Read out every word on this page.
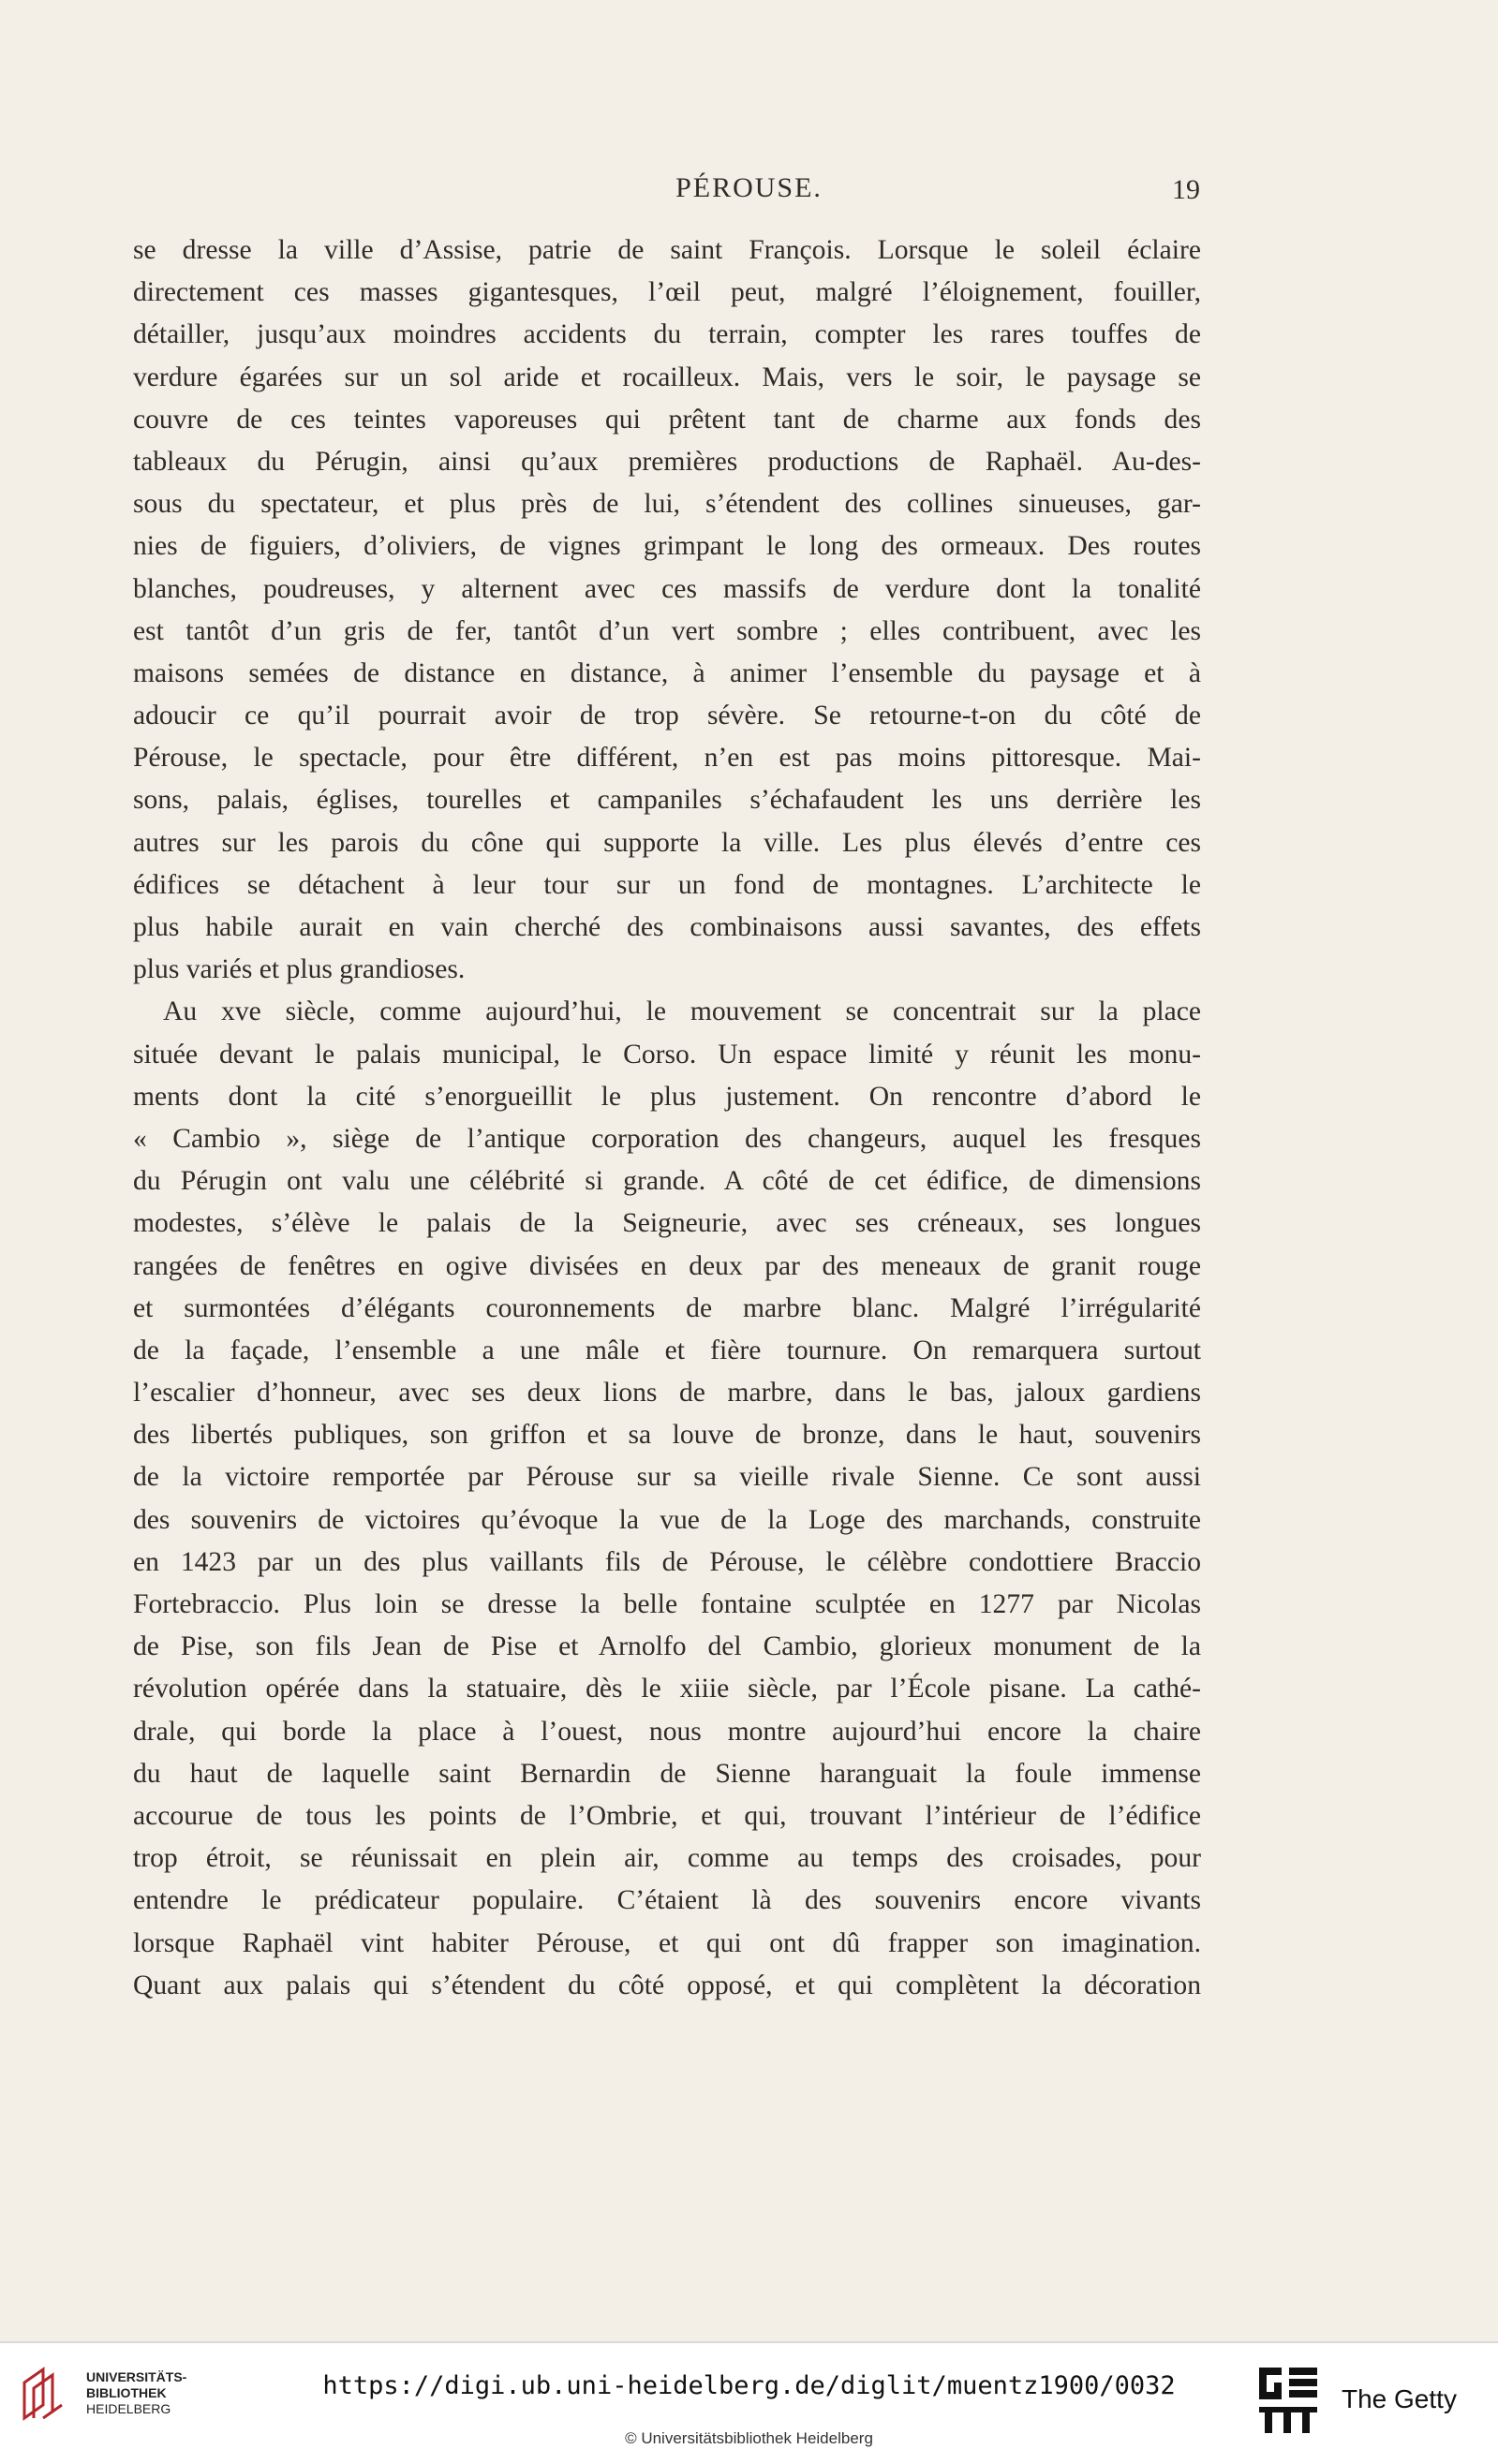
PÉROUSE.	19
se dresse la ville d’Assise, patrie de saint François. Lorsque le soleil éclaire
directement ces masses gigantesques, l’œil peut, malgré l’éloignement, fouiller,
détailler, jusqu’aux moindres accidents du terrain, compter les rares touffes de
verdure égarées sur un sol aride et rocailleux. Mais, vers le soir, le paysage se
couvre de ces teintes vaporeuses qui prêtent tant de charme aux fonds des
tableaux du Pérugin, ainsi qu’aux premières productions de Raphaël. Au-des-
sous du spectateur, et plus près de lui, s’étendent des collines sinueuses, gar-
nies de figuiers, d’oliviers, de vignes grimpant le long des ormeaux. Des routes
blanches, poudreuses, y alternent avec ces massifs de verdure dont la tonalité
est tantôt d’un gris de fer, tantôt d’un vert sombre ; elles contribuent, avec les
maisons semées de distance en distance, à animer l’ensemble du paysage et à
adoucir ce qu’il pourrait avoir de trop sévère. Se retourne-t-on du côté de
Pérouse, le spectacle, pour être différent, n’en est pas moins pittoresque. Mai-
sons, palais, églises, tourelles et campaniles s’échafaudent les uns derrière les
autres sur les parois du cône qui supporte la ville. Les plus élevés d’entre ces
édifices se détachent à leur tour sur un fond de montagnes. L’architecte le
plus habile aurait en vain cherché des combinaisons aussi savantes, des effets
plus variés et plus grandioses.
Au xve siècle, comme aujourd’hui, le mouvement se concentrait sur la place
située devant le palais municipal, le Corso. Un espace limité y réunit les monu-
ments dont la cité s’enorgueillit le plus justement. On rencontre d’abord le
« Cambio », siège de l’antique corporation des changeurs, auquel les fresques
du Pérugin ont valu une célébrité si grande. A côté de cet édifice, de dimensions
modestes, s’élève le palais de la Seigneurie, avec ses créneaux, ses longues
rangées de fenêtres en ogive divisées en deux par des meneaux de granit rouge
et surmontées d’élégants couronnements de marbre blanc. Malgré l’irrégularité
de la façade, l’ensemble a une mâle et fière tournure. On remarquera surtout
l’escalier d’honneur, avec ses deux lions de marbre, dans le bas, jaloux gardiens
des libertés publiques, son griffon et sa louve de bronze, dans le haut, souvenirs
de la victoire remportée par Pérouse sur sa vieille rivale Sienne. Ce sont aussi
des souvenirs de victoires qu’évoque la vue de la Loge des marchands, construite
en 1423 par un des plus vaillants fils de Pérouse, le célèbre condottiere Braccio
Fortebraccio. Plus loin se dresse la belle fontaine sculptée en 1277 par Nicolas
de Pise, son fils Jean de Pise et Arnolfo del Cambio, glorieux monument de la
révolution opérée dans la statuaire, dès le xiiie siècle, par l’École pisane. La cathé-
drale, qui borde la place à l’ouest, nous montre aujourd’hui encore la chaire
du haut de laquelle saint Bernardin de Sienne haranguait la foule immense
accourue de tous les points de l’Ombrie, et qui, trouvant l’intérieur de l’édifice
trop étroit, se réunissait en plein air, comme au temps des croisades, pour
entendre le prédicateur populaire. C’étaient là des souvenirs encore vivants
lorsque Raphaël vint habiter Pérouse, et qui ont dû frapper son imagination.
Quant aux palais qui s’étendent du côté opposé, et qui complètent la décoration
UNIVERSITÄTS-
BIBLIOTHEK
HEIDELBERG
https://digi.ub.uni-heidelberg.de/diglit/muentz1900/0032
© Universitätsbibliothek Heidelberg
The Getty
